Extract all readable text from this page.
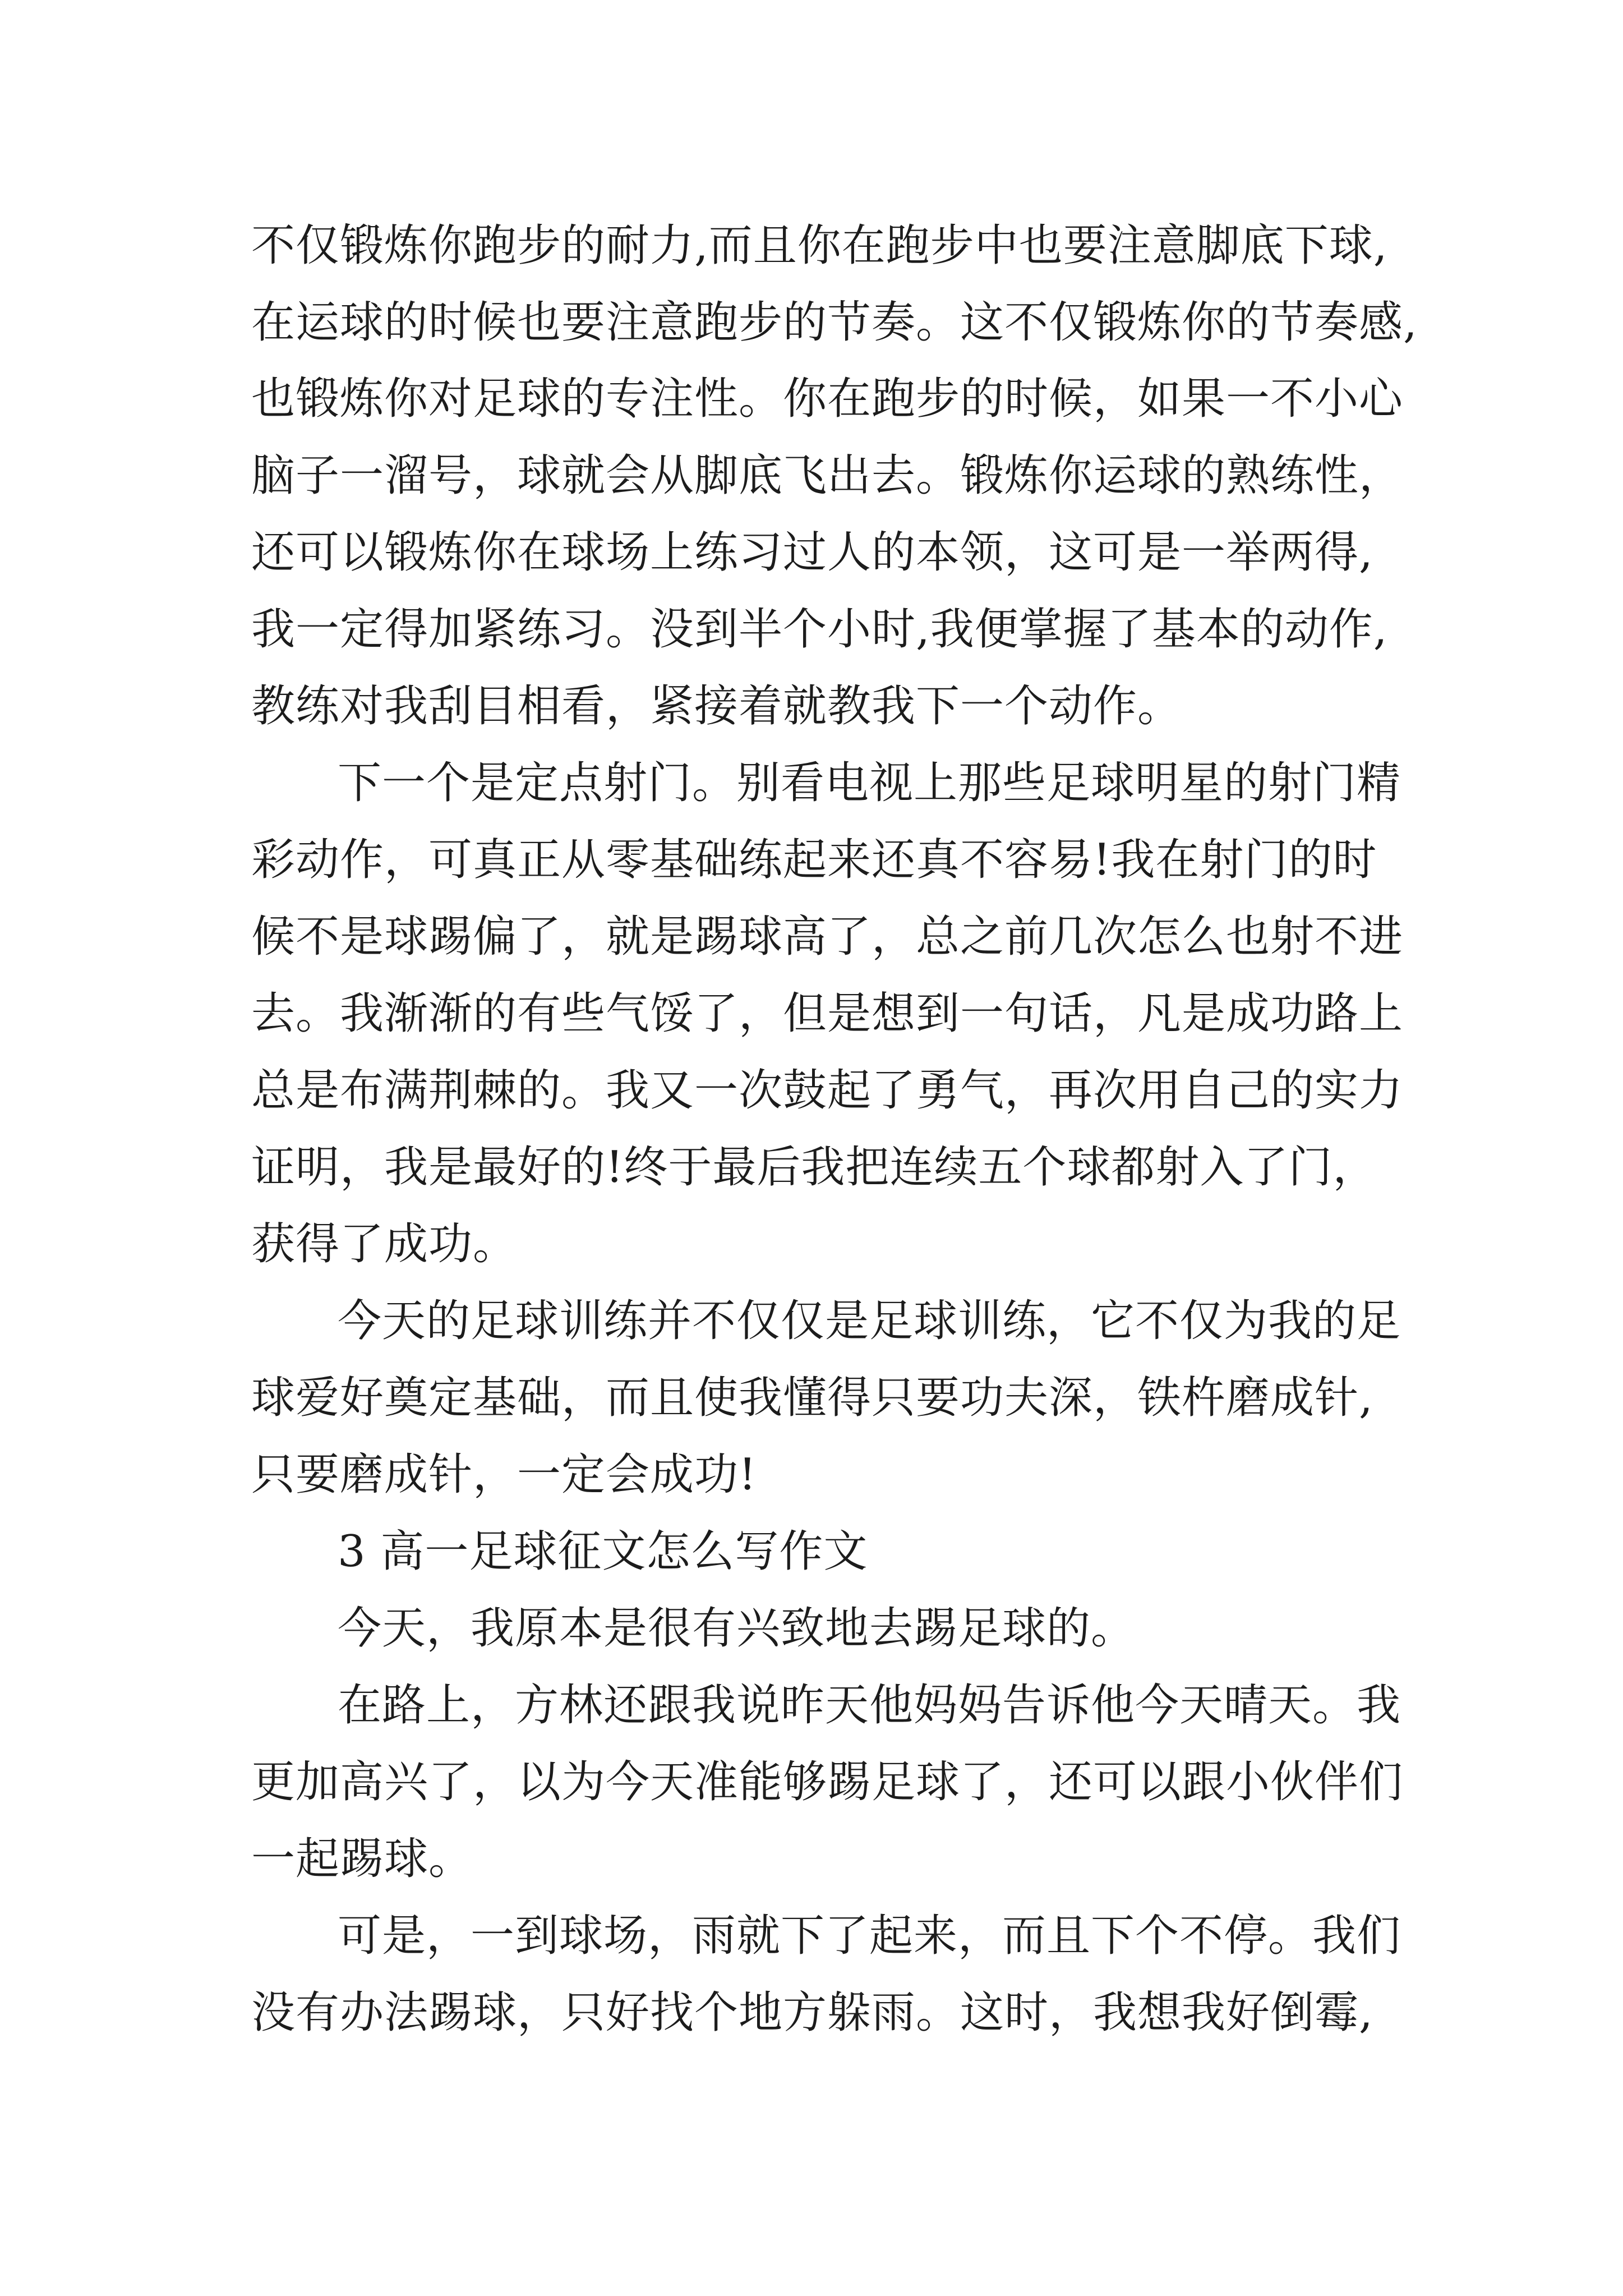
不仅锻炼你跑步的耐力,而且你在跑步中也要注意脚底下球,

在运球的时候也要注意跑步的节奏。这不仅锻炼你的节奏感,

也锻炼你对足球的专注性。你在跑步的时候，如果一不小心

脑子一溜号，球就会从脚底飞出去。锻炼你运球的熟练性，

还可以锻炼你在球场上练习过人的本领，这可是一举两得,

我一定得加紧练习。没到半个小时,我便掌握了基本的动作,

教练对我刮目相看，紧接着就教我下一个动作。

下一个是定点射门。别看电视上那些足球明星的射门精

彩动作，可真正从零基础练起来还真不容易!我在射门的时

候不是球踢偏了，就是踢球高了，总之前几次怎么也射不进

去。我渐渐的有些气馁了，但是想到一句话，凡是成功路上

总是布满荆棘的。我又一次鼓起了勇气，再次用自己的实力

证明，我是最好的!终于最后我把连续五个球都射入了门，

获得了成功。

今天的足球训练并不仅仅是足球训练，它不仅为我的足

球爱好奠定基础，而且使我懂得只要功夫深，铁杵磨成针,

只要磨成针，一定会成功!

3 高一足球征文怎么写作文

今天，我原本是很有兴致地去踢足球的。

在路上，方林还跟我说昨天他妈妈告诉他今天晴天。我

更加高兴了，以为今天准能够踢足球了，还可以跟小伙伴们

一起踢球。

可是，一到球场，雨就下了起来，而且下个不停。我们

没有办法踢球，只好找个地方躲雨。这时，我想我好倒霉,
